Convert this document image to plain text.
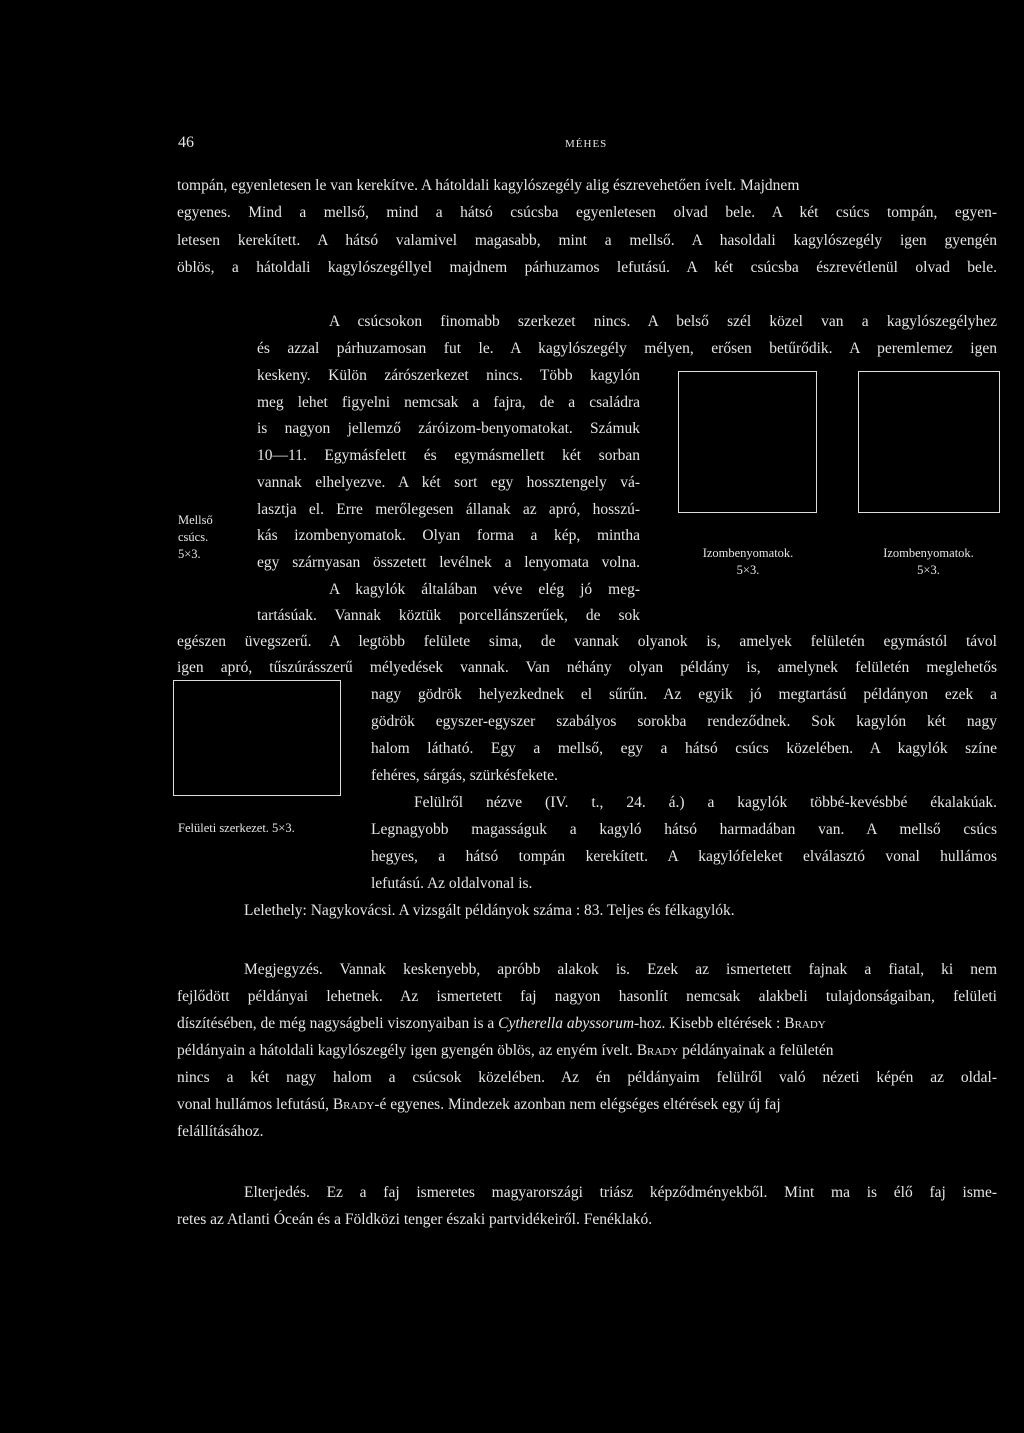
46	MÉHES
tompán, egyenletesen le van kerekítve. A hátoldali kagylószegély alig észrevehetően ívelt. Majdnem
egyenes. Mind a mellső, mind a hátsó csúcsba egyenletesen olvad bele. A két csúcs tompán, egyen-
letesen kerekített. A hátsó valamivel magasabb, mint a mellső. A hasoldali kagylószegély igen gyengén
öblös, a hátoldali kagylószegéllyel majdnem párhuzamos lefutású. A két csúcsba észrevétlenül olvad bele.
A csúcsokon finomabb szerkezet nincs. A belső szél közel van a kagylószegélyhez
és azzal párhuzamosan fut le. A kagylószegély mélyen, erősen betűrődik. A peremlemez igen
keskeny. Külön zárószerkezet nincs. Több kagylón
meg lehet figyelni nemcsak a fajra, de a családra
is nagyon jellemző záróizom-benyomatokat. Számuk
10—11. Egymásfelett és egymásmellett két sorban
vannak elhelyezve. A két sort egy hossztengely vá-
lasztja el. Erre merőlegesen állanak az apró, hosszú-
kás izombenyomatok. Olyan forma a kép, mintha
egy szárnyasan összetett levélnek a lenyomata volna.
A kagylók általában véve elég jó meg-
tartásúak. Vannak köztük porcellánszerűek, de sok
egészen üvegszerű. A legtöbb felülete sima, de vannak olyanok is, amelyek felületén egymástól távol
igen apró, tűszúrásszerű mélyedések vannak. Van néhány olyan példány is, amelynek felületén meglehetős
nagy gödrök helyezkednek el sűrűn. Az egyik jó megtartású példányon ezek a
gödrök egyszer-egyszer szabályos sorokba rendeződnek. Sok kagylón két nagy
halom látható. Egy a mellső, egy a hátsó csúcs közelében. A kagylók színe
fehéres, sárgás, szürkésfekete.
Felülről nézve (IV. t., 24. á.) a kagylók többé-kevésbbé ékalakúak.
Legnagyobb magasságuk a kagyló hátsó harmadában van. A mellső csúcs
hegyes, a hátsó tompán kerekített. A kagylófeleket elválasztó vonal hullámos
lefutású. Az oldalvonal is.
Lelethely: Nagykovácsi. A vizsgált példányok száma : 83. Teljes és félkagylók.
Megjegyzés. Vannak keskenyebb, apróbb alakok is. Ezek az ismertetett fajnak a fiatal, ki nem
fejlődött példányai lehetnek. Az ismertetett faj nagyon hasonlít nemcsak alakbeli tulajdonságaiban, felületi
díszítésében, de még nagyságbeli viszonyaiban is a Cytherella abyssorum-hoz. Kisebb eltérések : Brady
példányain a hátoldali kagylószegély igen gyengén öblös, az enyém ívelt. Brady példányainak a felületén
nincs a két nagy halom a csúcsok közelében. Az én példányaim felülről való nézeti képén az oldal-
vonal hullámos lefutású, Brady-é egyenes. Mindezek azonban nem elégséges eltérések egy új faj
felállításához.
Elterjedés. Ez a faj ismeretes magyarországi triász képződményekből. Mint ma is élő faj isme-
retes az Atlanti Óceán és a Földközi tenger északi partvidékeiről. Fenéklakó.
Mellső
csúcs.
5×3.	Izombenyomatok.
5×3.
Izombenyomatok.
5×3.
Felületi szerkezet. 5×3.
